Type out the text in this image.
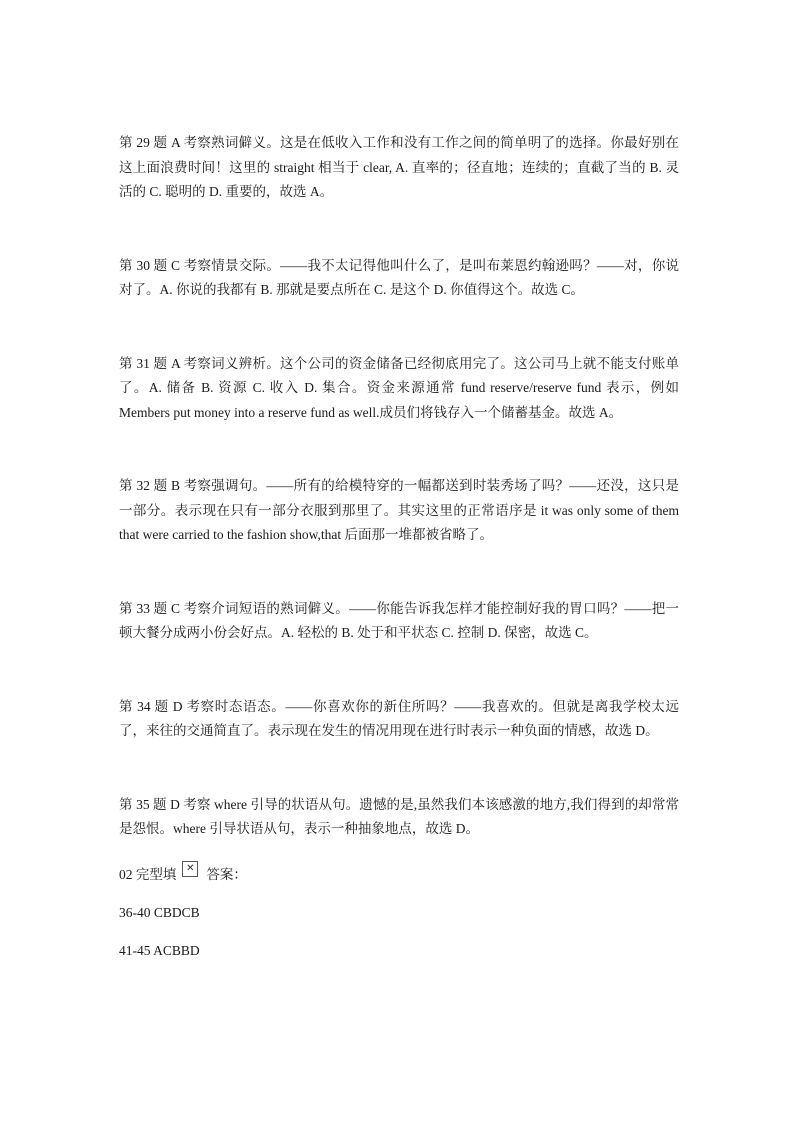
第 29 题 A 考察熟词僻义。这是在低收入工作和没有工作之间的简单明了的选择。你最好别在这上面浪费时间！这里的 straight 相当于 clear, A. 直率的；径直地；连续的；直截了当的 B. 灵活的 C. 聪明的 D. 重要的，故选 A。

第 30 题 C 考察情景交际。——我不太记得他叫什么了，是叫布莱恩约翰逊吗？——对，你说对了。A. 你说的我都有 B. 那就是要点所在 C. 是这个 D. 你值得这个。故选 C。

第 31 题 A 考察词义辨析。这个公司的资金储备已经彻底用完了。这公司马上就不能支付账单了。A. 储备 B. 资源 C. 收入 D. 集合。资金来源通常 fund reserve/reserve fund 表示，例如 Members put money into a reserve fund as well.成员们将钱存入一个储蓄基金。故选 A。

第 32 题 B 考察强调句。——所有的给模特穿的一幅都送到时装秀场了吗？——还没，这只是一部分。表示现在只有一部分衣服到那里了。其实这里的正常语序是 it was only some of them that were carried to the fashion show,that 后面那一堆都被省略了。

第 33 题 C 考察介词短语的熟词僻义。——你能告诉我怎样才能控制好我的胃口吗？——把一顿大餐分成两小份会好点。A. 轻松的 B. 处于和平状态 C. 控制 D. 保密，故选 C。

第 34 题 D 考察时态语态。——你喜欢你的新住所吗？——我喜欢的。但就是离我学校太远了，来往的交通简直了。表示现在发生的情况用现在进行时表示一种负面的情感，故选 D。

第 35 题 D 考察 where 引导的状语从句。遗憾的是,虽然我们本该感激的地方,我们得到的却常常是怨恨。where 引导状语从句，表示一种抽象地点，故选 D。

02 完型填 ✕ 答案：
36-40 CBDCB
41-45 ACBBD
